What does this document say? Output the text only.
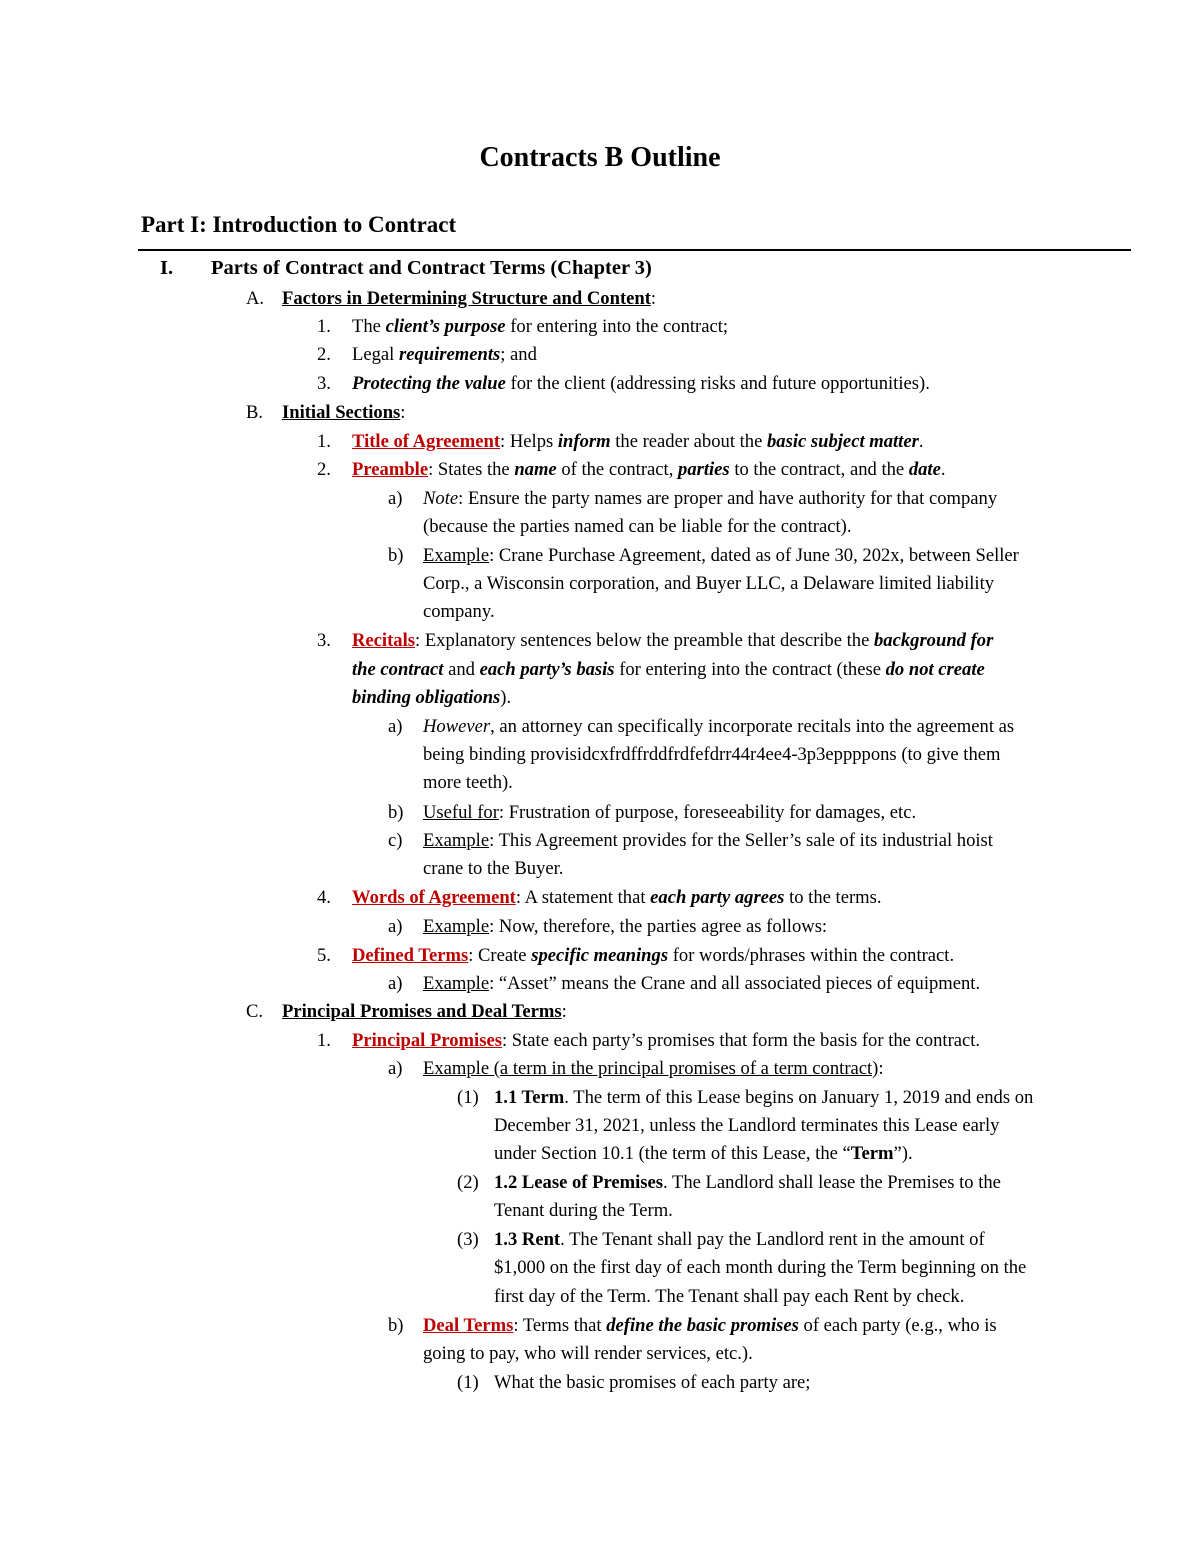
Contracts B Outline
Part I: Introduction to Contract
I. Parts of Contract and Contract Terms (Chapter 3)
A. Factors in Determining Structure and Content:
1. The client’s purpose for entering into the contract;
2. Legal requirements; and
3. Protecting the value for the client (addressing risks and future opportunities).
B. Initial Sections:
1. Title of Agreement: Helps inform the reader about the basic subject matter.
2. Preamble: States the name of the contract, parties to the contract, and the date.
a) Note: Ensure the party names are proper and have authority for that company
(because the parties named can be liable for the contract).
b) Example: Crane Purchase Agreement, dated as of June 30, 202x, between Seller
Corp., a Wisconsin corporation, and Buyer LLC, a Delaware limited liability
company.
3. Recitals: Explanatory sentences below the preamble that describe the background for
the contract and each party’s basis for entering into the contract (these do not create
binding obligations).
a) However, an attorney can specifically incorporate recitals into the agreement as
being binding provisidcxfrdffrddfrdfefdrr44r4ee4-3p3eppppons (to give them
more teeth).
b) Useful for: Frustration of purpose, foreseeability for damages, etc.
c) Example: This Agreement provides for the Seller’s sale of its industrial hoist
crane to the Buyer.
4. Words of Agreement: A statement that each party agrees to the terms.
a) Example: Now, therefore, the parties agree as follows:
5. Defined Terms: Create specific meanings for words/phrases within the contract.
a) Example: “Asset” means the Crane and all associated pieces of equipment.
C. Principal Promises and Deal Terms:
1. Principal Promises: State each party’s promises that form the basis for the contract.
a) Example (a term in the principal promises of a term contract):
(1) 1.1 Term. The term of this Lease begins on January 1, 2019 and ends on
December 31, 2021, unless the Landlord terminates this Lease early
under Section 10.1 (the term of this Lease, the “Term”).
(2) 1.2 Lease of Premises. The Landlord shall lease the Premises to the
Tenant during the Term.
(3) 1.3 Rent. The Tenant shall pay the Landlord rent in the amount of
$1,000 on the first day of each month during the Term beginning on the
first day of the Term. The Tenant shall pay each Rent by check.
b) Deal Terms: Terms that define the basic promises of each party (e.g., who is
going to pay, who will render services, etc.).
(1) What the basic promises of each party are;
